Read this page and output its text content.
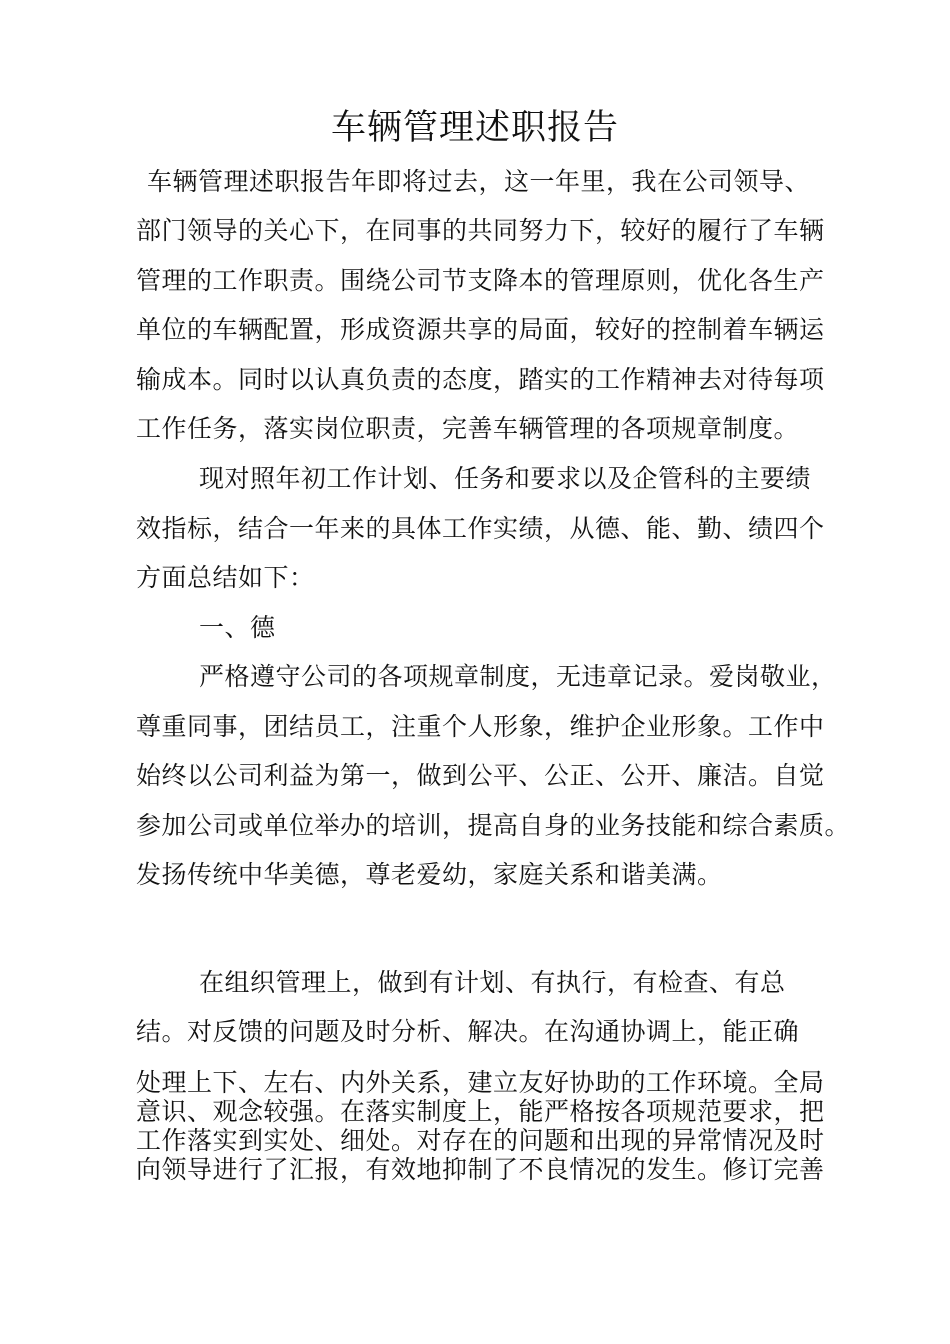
车辆管理述职报告
车辆管理述职报告年即将过去，这一年里，我在公司领导、
部门领导的关心下，在同事的共同努力下，较好的履行了车辆
管理的工作职责。围绕公司节支降本的管理原则，优化各生产
单位的车辆配置，形成资源共享的局面，较好的控制着车辆运
输成本。同时以认真负责的态度，踏实的工作精神去对待每项
工作任务，落实岗位职责，完善车辆管理的各项规章制度。
现对照年初工作计划、任务和要求以及企管科的主要绩
效指标，结合一年来的具体工作实绩，从德、能、勤、绩四个
方面总结如下：
一、德
严格遵守公司的各项规章制度，无违章记录。爱岗敬业，
尊重同事，团结员工，注重个人形象，维护企业形象。工作中
始终以公司利益为第一，做到公平、公正、公开、廉洁。自觉
参加公司或单位举办的培训，提高自身的业务技能和综合素质。
发扬传统中华美德，尊老爱幼，家庭关系和谐美满。
在组织管理上，做到有计划、有执行，有检查、有总
结。对反馈的问题及时分析、解决。在沟通协调上，能正确
处理上下、左右、内外关系，建立友好协助的工作环境。全局
意识、观念较强。在落实制度上，能严格按各项规范要求，把
工作落实到实处、细处。对存在的问题和出现的异常情况及时
向领导进行了汇报，有效地抑制了不良情况的发生。修订完善
